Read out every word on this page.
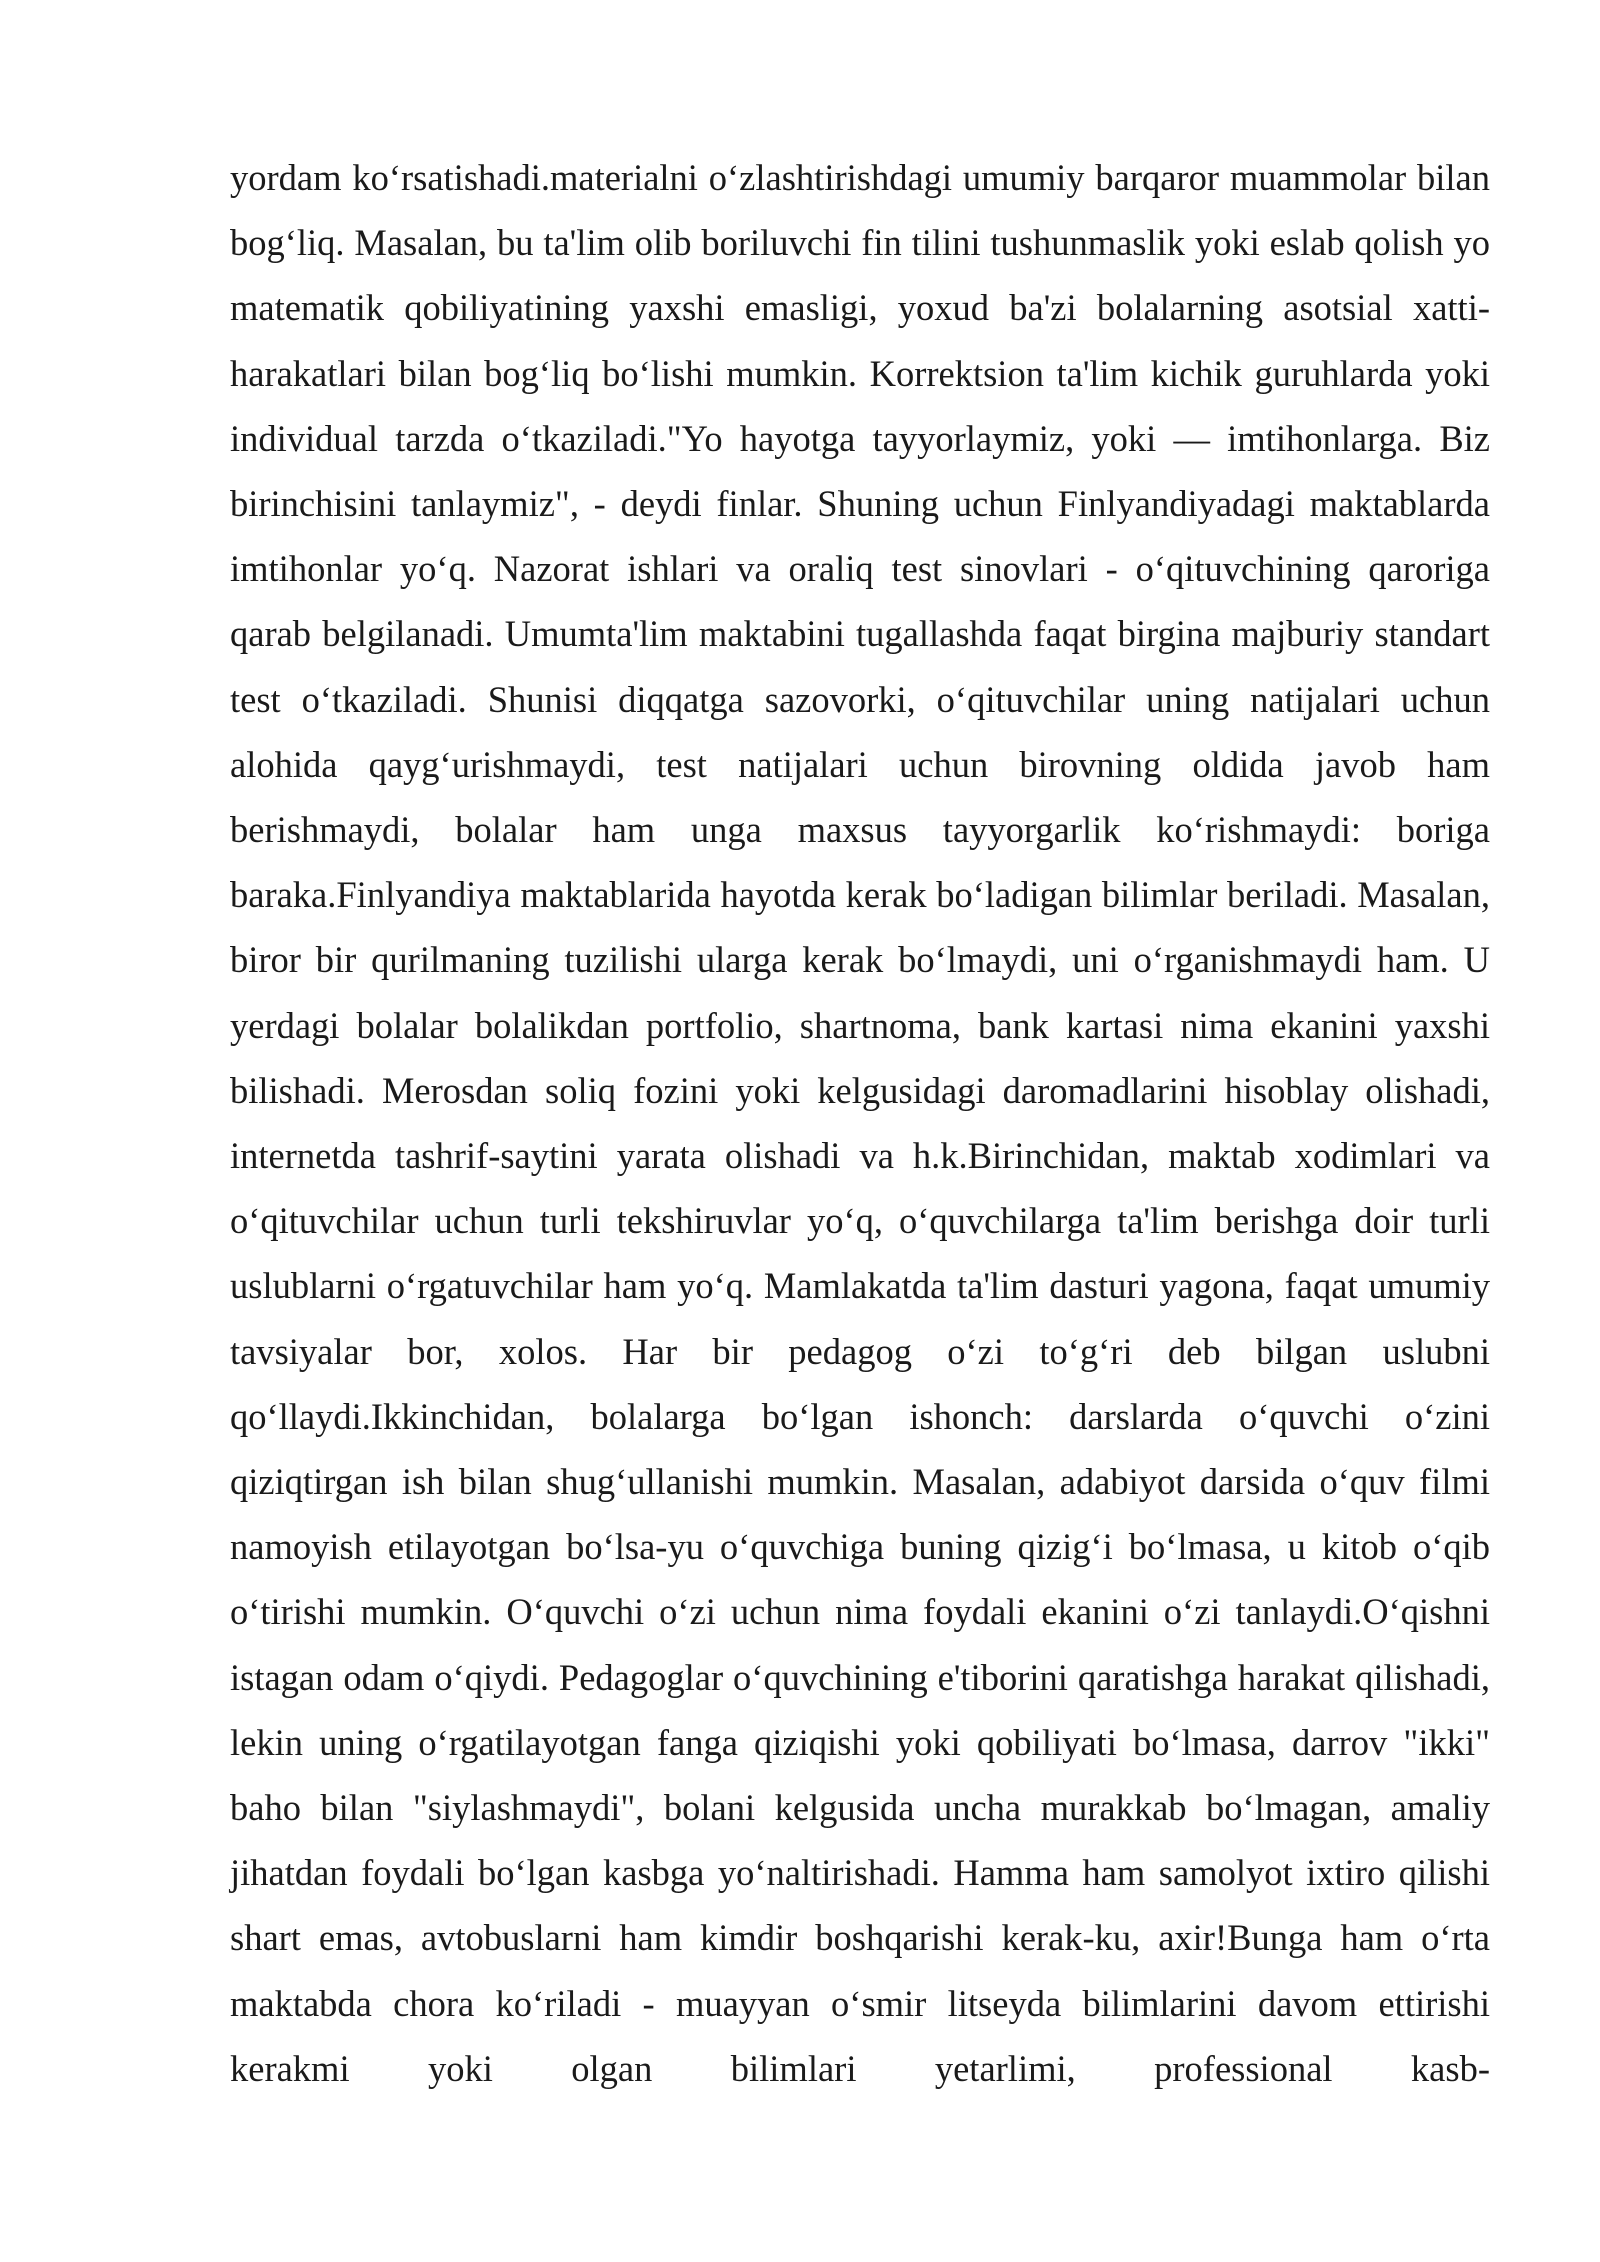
yordam koʻrsatishadi.materialni oʻzlashtirishdagi umumiy barqaror muammolar bilan bogʻliq. Masalan, bu ta'lim olib boriluvchi fin tilini tushunmaslik yoki eslab qolish yo matematik qobiliyatining yaxshi emasligi, yoxud ba'zi bolalarning asotsial xatti-harakatlari bilan bogʻliq boʻlishi mumkin. Korrektsion ta'lim kichik guruhlarda yoki individual tarzda oʻtkaziladi."Yo hayotga tayyorlaymiz, yoki — imtihonlarga. Biz birinchisini tanlaymiz", - deydi finlar. Shuning uchun Finlyandiyadagi maktablarda imtihonlar yoʻq. Nazorat ishlari va oraliq test sinovlari - oʻqituvchining qaroriga qarab belgilanadi. Umumta'lim maktabini tugallashda faqat birgina majburiy standart test oʻtkaziladi. Shunisi diqqatga sazovorki, oʻqituvchilar uning natijalari uchun alohida qaygʻurishmaydi, test natijalari uchun birovning oldida javob ham berishmaydi, bolalar ham unga maxsus tayyorgarlik koʻrishmaydi: boriga baraka.Finlyandiya maktablarida hayotda kerak boʻladigan bilimlar beriladi. Masalan, biror bir qurilmaning tuzilishi ularga kerak boʻlmaydi, uni oʻrganishmaydi ham. U yerdagi bolalar bolalikdan portfolio, shartnoma, bank kartasi nima ekanini yaxshi bilishadi. Merosdan soliq fozini yoki kelgusidagi daromadlarini hisoblay olishadi, internetda tashrif-saytini yarata olishadi va h.k.Birinchidan, maktab xodimlari va oʻqituvchilar uchun turli tekshiruvlar yoʻq, oʻquvchilarga ta'lim berishga doir turli uslublarni oʻrgatuvchilar ham yoʻq. Mamlakatda ta'lim dasturi yagona, faqat umumiy tavsiyalar bor, xolos. Har bir pedagog oʻzi toʻgʻri deb bilgan uslubni qoʻllaydi.Ikkinchidan, bolalarga boʻlgan ishonch: darslarda oʻquvchi oʻzini qiziqtirgan ish bilan shugʻullanishi mumkin. Masalan, adabiyot darsida oʻquv filmi namoyish etilayotgan boʻlsa-yu oʻquvchiga buning qizigʻi boʻlmasa, u kitob oʻqib oʻtirishi mumkin. Oʻquvchi oʻzi uchun nima foydali ekanini oʻzi tanlaydi.Oʻqishni istagan odam oʻqiydi. Pedagoglar oʻquvchining e'tiborini qaratishga harakat qilishadi, lekin uning oʻrgatilayotgan fanga qiziqishi yoki qobiliyati boʻlmasa, darrov "ikki" baho bilan "siylashmaydi", bolani kelgusida uncha murakkab boʻlmagan, amaliy jihatdan foydali boʻlgan kasbga yoʻnaltirishadi. Hamma ham samolyot ixtiro qilishi shart emas, avtobuslarni ham kimdir boshqarishi kerak-ku, axir!Bunga ham oʻrta maktabda chora koʻriladi - muayyan oʻsmir litseyda bilimlarini davom ettirishi kerakmi yoki olgan bilimlari yetarlimi, professional kasb-
